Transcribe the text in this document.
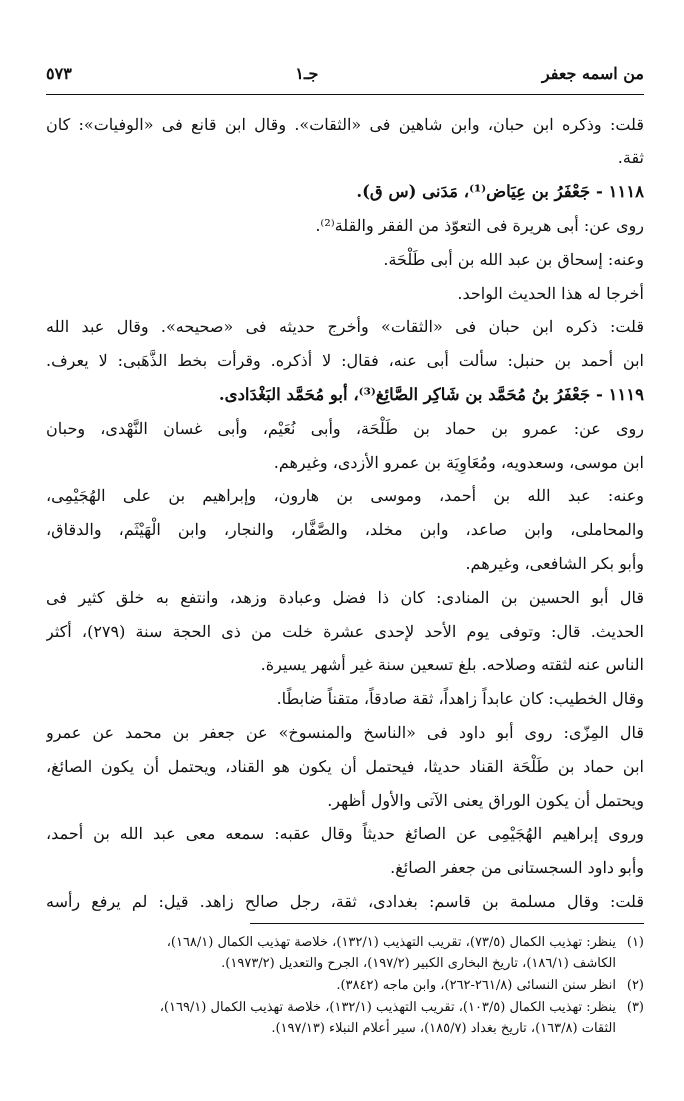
من اسمه جعفر
جـ١
٥٧٣
قلت: وذكره ابن حبان، وابن شاهين فى «الثقات». وقال ابن قانع فى «الوفيات»: كان
ثقة.
١١١٨ - جَعْفَرُ بن عِيَاض⁽¹⁾، مَدَنى (س ق).
روى عن: أبى هريرة فى التعوّذ من الفقر والقلة⁽²⁾.
وعنه: إسحاق بن عبد الله بن أبى طَلْحَة.
أخرجا له هذا الحديث الواحد.
قلت: ذكره ابن حبان فى «الثقات» وأخرج حديثه فى «صحيحه». وقال عبد الله
ابن أحمد بن حنبل: سألت أبى عنه، فقال: لا أذكره. وقرأت بخط الذَّهَبى: لا يعرف.
١١١٩ - جَعْفَرُ بنُ مُحَمَّد بن شَاكِر الصَّائِغ⁽³⁾، أبو مُحَمَّد البَغْدَادى.
روى عن: عمرو بن حماد بن طَلْحَة، وأبى نُعَيْم، وأبى غسان النَّهْدى، وحبان
ابن موسى، وسعدويه، ومُعَاوِيَة بن عمرو الأزدى، وغيرهم.
وعنه: عبد الله بن أحمد، وموسى بن هارون، وإبراهيم بن على الهُجَيْمِى،
والمحاملى، وابن صاعد، وابن مخلد، والصَّفَّار، والنجار، وابن الْهَيْثَم، والدقاق،
وأبو بكر الشافعى، وغيرهم.
قال أبو الحسين بن المنادى: كان ذا فضل وعبادة وزهد، وانتفع به خلق كثير فى
الحديث. قال: وتوفى يوم الأحد لإحدى عشرة خلت من ذى الحجة سنة (٢٧٩)، أكثر
الناس عنه لثقته وصلاحه. بلغ تسعين سنة غير أشهر يسيرة.
وقال الخطيب: كان عابداً زاهداً، ثقة صادقاً، متقناً ضابطًا.
قال المِزّى: روى أبو داود فى «الناسخ والمنسوخ» عن جعفر بن محمد عن عمرو
ابن حماد بن طَلْحَة القناد حديثا، فيحتمل أن يكون هو القناد، ويحتمل أن يكون الصائغ،
ويحتمل أن يكون الوراق يعنى الآتى والأول أظهر.
وروى إبراهيم الهُجَيْمِى عن الصائغ حديثاً وقال عقبه: سمعه معى عبد الله بن أحمد،
وأبو داود السجستانى من جعفر الصائغ.
قلت: وقال مسلمة بن قاسم: بغدادى، ثقة، رجل صالح زاهد. قيل: لم يرفع رأسه
(١)
ينظر: تهذيب الكمال (٧٣/٥)، تقريب التهذيب (١٣٢/١)، خلاصة تهذيب الكمال (١٦٨/١)،
الكاشف (١٨٦/١)، تاريخ البخارى الكبير (١٩٧/٢)، الجرح والتعديل (١٩٧٣/٢).
(٢)
انظر سنن النسائى (٢٦١/٨-٢٦٢)، وابن ماجه (٣٨٤٢).
(٣)
ينظر: تهذيب الكمال (١٠٣/٥)، تقريب التهذيب (١٣٢/١)، خلاصة تهذيب الكمال (١٦٩/١)،
الثقات (١٦٣/٨)، تاريخ بغداد (١٨٥/٧)، سير أعلام النبلاء (١٩٧/١٣).
